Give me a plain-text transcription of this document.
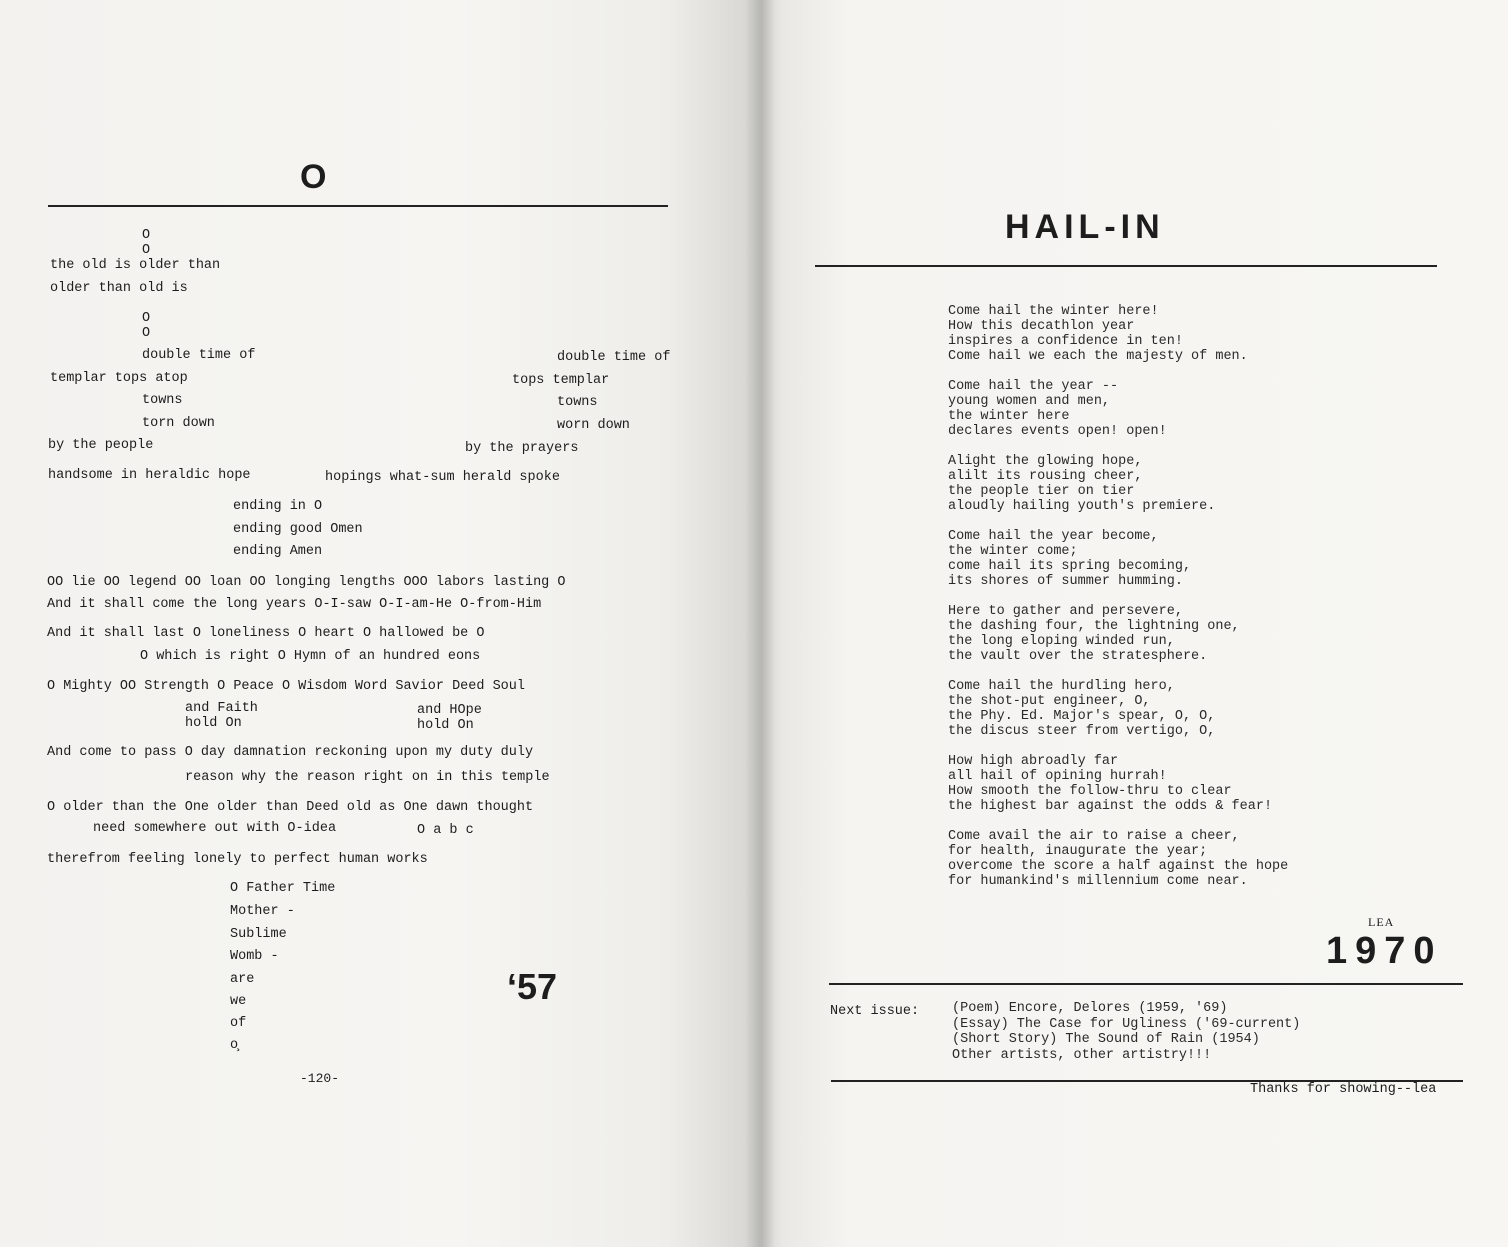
O
O
O
the old is older than
older than old is
O
O
double time of	double time of
templar tops atop	tops templar
towns	towns
torn down	worn down
by the people	by the prayers
handsome in heraldic hope	hopings what-sum herald spoke
ending in O
ending good Omen
ending Amen
OO lie OO legend OO loan OO longing lengths OOO labors lasting O
And it shall come the long years O-I-saw O-I-am-He O-from-Him
And it shall last O loneliness O heart O hallowed be O
O which is right O Hymn of an hundred eons
O Mighty OO Strength O Peace O Wisdom Word Savior Deed Soul
and Faith	and HOpe
hold On	hold On
And come to pass O day damnation reckoning upon my duty duly
reason why the reason right on in this temple
O older than the One older than Deed old as One dawn thought
need somewhere out with O-idea	O a b c
therefrom feeling lonely to perfect human works
O Father Time
Mother -
Sublime
Womb -
are
we
of
o̧
‘57
-120-
HAIL-IN
Come hail the winter here!
How this decathlon year
inspires a confidence in ten!
Come hail we each the majesty of men.
Come hail the year --
young women and men,
the winter here
declares events open! open!
Alight the glowing hope,
alilt its rousing cheer,
the people tier on tier
aloudly hailing youth's premiere.
Come hail the year become,
the winter come;
come hail its spring becoming,
its shores of summer humming.
Here to gather and persevere,
the dashing four, the lightning one,
the long eloping winded run,
the vault over the stratesphere.
Come hail the hurdling hero,
the shot-put engineer, O,
the Phy. Ed. Major's spear, O, O,
the discus steer from vertigo, O,
How high abroadly far
all hail of opining hurrah!
How smooth the follow-thru to clear
the highest bar against the odds & fear!
Come avail the air to raise a cheer,
for health, inaugurate the year;
overcome the score a half against the hope
for humankind's millennium come near.
LEA
1970
Next issue: (Poem) Encore, Delores (1959, '69)
(Essay) The Case for Ugliness ('69-current)
(Short Story) The Sound of Rain (1954)
Other artists, other artistry!!!
Thanks for showing--lea
